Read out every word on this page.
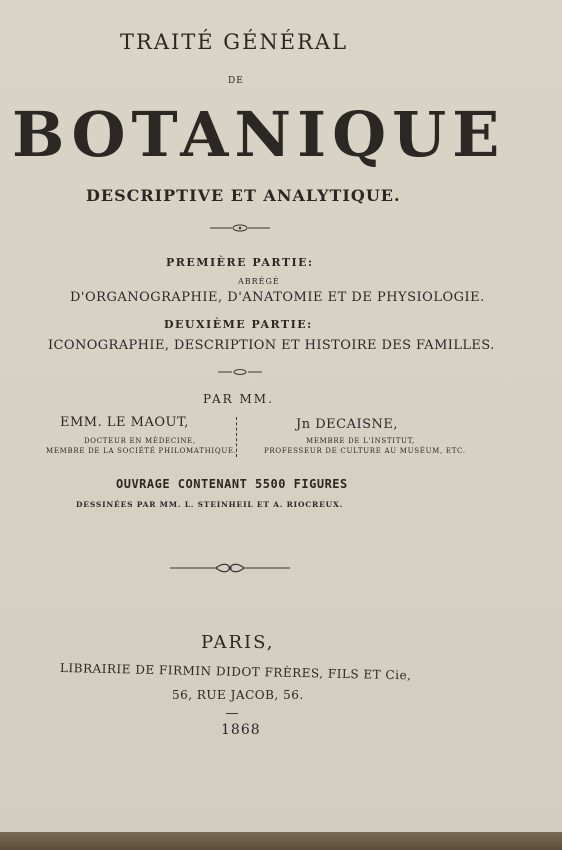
TRAITÉ GÉNÉRAL
DE
BOTANIQUE
DESCRIPTIVE ET ANALYTIQUE.
PREMIÈRE PARTIE:
ABRÉGÉ
D'ORGANOGRAPHIE, D'ANATOMIE ET DE PHYSIOLOGIE.
DEUXIÈME PARTIE:
ICONOGRAPHIE, DESCRIPTION ET HISTOIRE DES FAMILLES.
PAR MM.
EMM. LE MAOUT,
DOCTEUR EN MÉDECINE,
MEMBRE DE LA SOCIÉTÉ PHILOMATHIQUE.
Jn DECAISNE,
MEMBRE DE L'INSTITUT,
PROFESSEUR DE CULTURE AU MUSÉUM, ETC.
OUVRAGE CONTENANT 5500 FIGURES
DESSINÉES PAR MM. L. STEINHEIL ET A. RIOCREUX.
PARIS,
LIBRAIRIE DE FIRMIN DIDOT FRÈRES, FILS ET Cie,
56, RUE JACOB, 56.
1868
